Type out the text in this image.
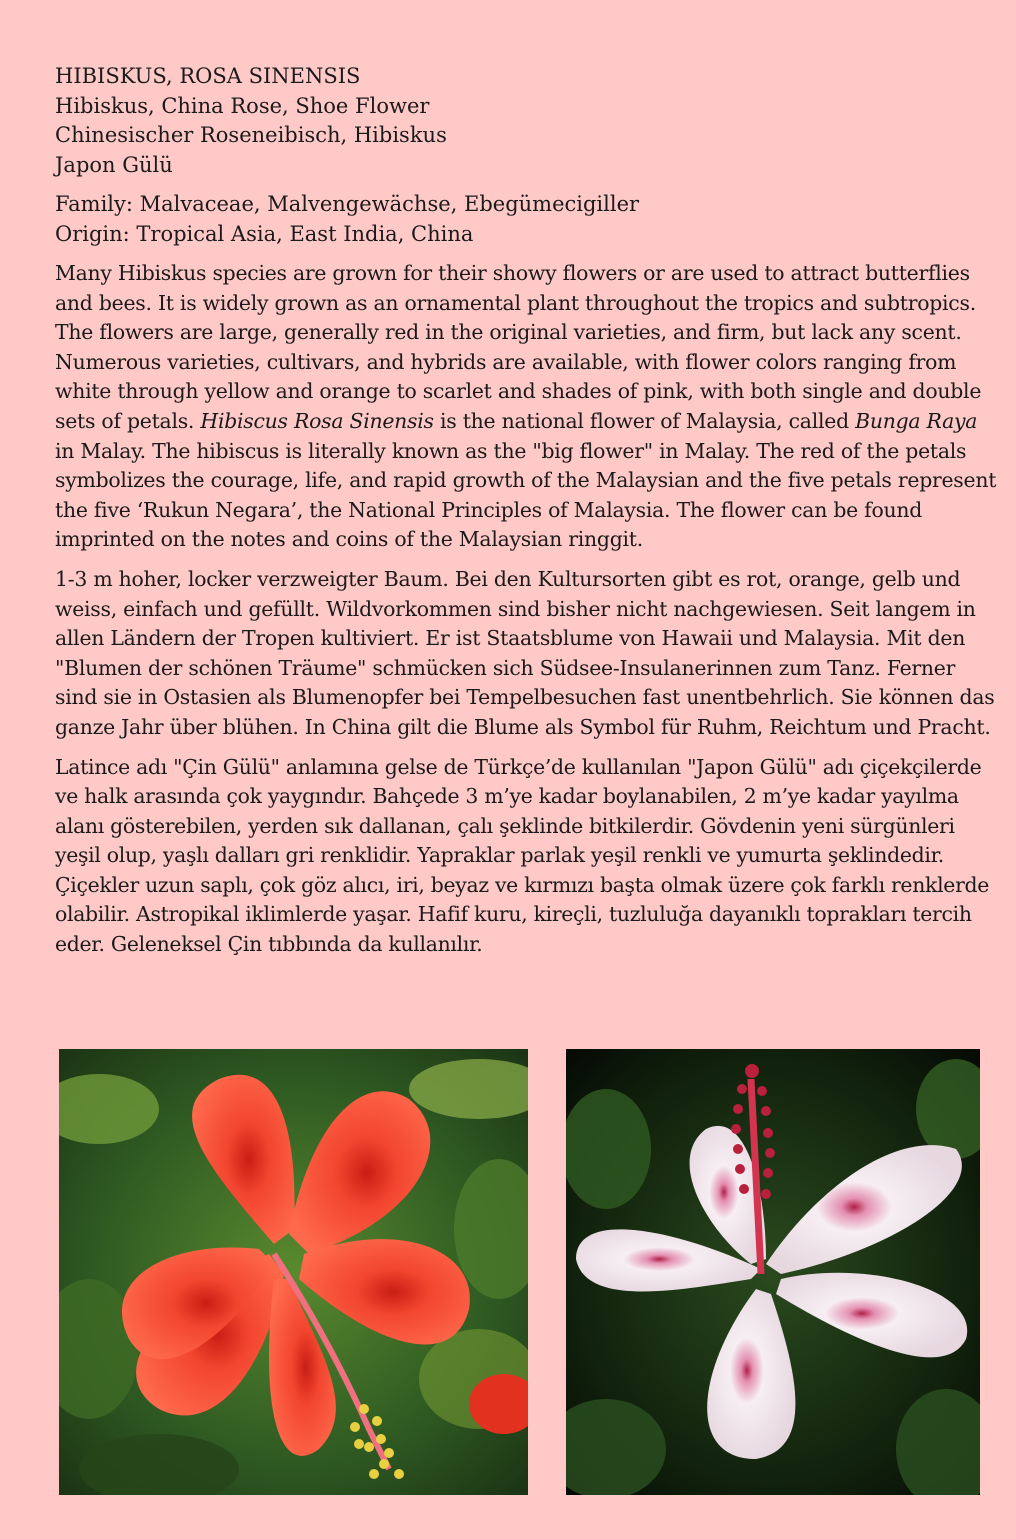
HIBISKUS, ROSA SINENSIS
Hibiskus, China Rose, Shoe Flower
Chinesischer Roseneibisch, Hibiskus
Japon Gülü
Family: Malvaceae, Malvengewächse, Ebegümecigiller
Origin: Tropical Asia, East India, China

Many Hibiskus species are grown for their showy flowers or are used to attract butterflies and bees. It is widely grown as an ornamental plant throughout the tropics and subtropics. The flowers are large, generally red in the original varieties, and firm, but lack any scent. Numerous varieties, cultivars, and hybrids are available, with flower colors ranging from white through yellow and orange to scarlet and shades of pink, with both single and double sets of petals. Hibiscus Rosa Sinensis is the national flower of Malaysia, called Bunga Raya in Malay. The hibiscus is literally known as the "big flower" in Malay. The red of the petals symbolizes the courage, life, and rapid growth of the Malaysian and the five petals represent the five ‘Rukun Negara’, the National Principles of Malaysia. The flower can be found imprinted on the notes and coins of the Malaysian ringgit.

1-3 m hoher, locker verzweigter Baum. Bei den Kultursorten gibt es rot, orange, gelb und weiss, einfach und gefüllt. Wildvorkommen sind bisher nicht nachgewiesen. Seit langem in allen Ländern der Tropen kultiviert. Er ist Staatsblume von Hawaii und Malaysia. Mit den "Blumen der schönen Träume" schmücken sich Südsee-Insulanerinnen zum Tanz. Ferner sind sie in Ostasien als Blumenopfer bei Tempelbesuchen fast unentbehrlich. Sie können das ganze Jahr über blühen. In China gilt die Blume als Symbol für Ruhm, Reichtum und Pracht.

Latince adı "Çin Gülü" anlamına gelse de Türkçe’de kullanılan "Japon Gülü" adı çiçekçilerde ve halk arasında çok yaygındır. Bahçede 3 m’ye kadar boylanabilen, 2 m’ye kadar yayılma alanı gösterebilen, yerden sık dallanan, çalı şeklinde bitkilerdir. Gövdenin yeni sürgünleri yeşil olup, yaşlı dalları gri renklidir. Yapraklar parlak yeşil renkli ve yumurta şeklindedir. Çiçekler uzun saplı, çok göz alıcı, iri, beyaz ve kırmızı başta olmak üzere çok farklı renklerde olabilir. Astropikal iklimlerde yaşar. Hafif kuru, kireçli, tuzluluğa dayanıklı toprakları tercih eder. Geleneksel Çin tıbbında da kullanılır.
